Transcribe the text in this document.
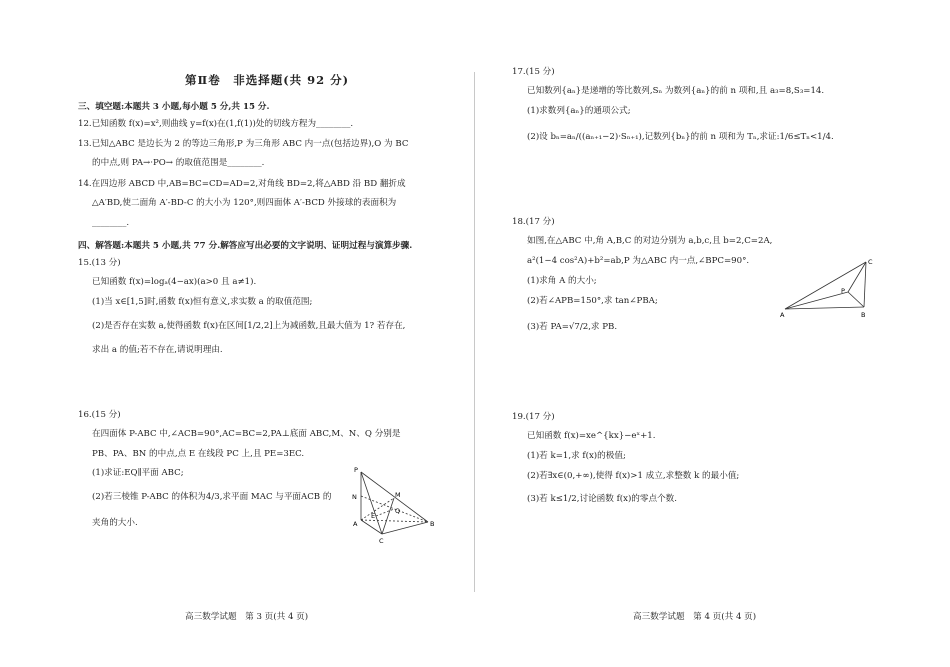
第Ⅱ卷　非选择题(共 92 分)
三、填空题:本题共 3 小题,每小题 5 分,共 15 分.
12.已知函数 f(x)=x²,则曲线 y=f(x)在(1,f(1))处的切线方程为________.
13.已知△ABC 是边长为 2 的等边三角形,P 为三角形 ABC 内一点(包括边界),O 为 BC
的中点,则 PA→·PO→ 的取值范围是________.
14.在四边形 ABCD 中,AB=BC=CD=AD=2,对角线 BD=2,将△ABD 沿 BD 翻折成
△A′BD,使二面角 A′-BD-C 的大小为 120°,则四面体 A′-BCD 外接球的表面积为
________.
四、解答题:本题共 5 小题,共 77 分.解答应写出必要的文字说明、证明过程与演算步骤.
15.(13 分)
已知函数 f(x)=logₐ(4−ax)(a>0 且 a≠1).
(1)当 x∈[1,5]时,函数 f(x)恒有意义,求实数 a 的取值范围;
(2)是否存在实数 a,使得函数 f(x)在区间[1/2,2]上为减函数,且最大值为 1? 若存在,
求出 a 的值;若不存在,请说明理由.
16.(15 分)
在四面体 P-ABC 中,∠ACB=90°,AC=BC=2,PA⊥底面 ABC,M、N、Q 分别是
PB、PA、BN 的中点,点 E 在线段 PC 上,且 PE=3EC.
(1)求证:EQ∥平面 ABC;
(2)若三棱锥 P-ABC 的体积为4/3,求平面 MAC 与平面ACB 的
夹角的大小.
P
M
N
Q
E
A	B
C
高三数学试题　第 3 页(共 4 页)
17.(15 分)
已知数列{aₙ}是递增的等比数列,Sₙ 为数列{aₙ}的前 n 项和,且 a₃=8,S₃=14.
(1)求数列{aₙ}的通项公式;
(2)设 bₙ=aₙ/((aₙ₊₁−2)·Sₙ₊₁),记数列{bₙ}的前 n 项和为 Tₙ,求证:1/6≤Tₙ<1/4.
18.(17 分)
如图,在△ABC 中,角 A,B,C 的对边分别为 a,b,c,且 b=2,C=2A,
a²(1−4 cos²A)+b²=ab,P 为△ABC 内一点,∠BPC=90°.
(1)求角 A 的大小;
(2)若∠APB=150°,求 tan∠PBA;
(3)若 PA=√7/2,求 PB.
C
P
A	B
19.(17 分)
已知函数 f(x)=xe^{kx}−eˣ+1.
(1)若 k=1,求 f(x)的极值;
(2)若∃x∈(0,+∞),使得 f(x)>1 成立,求整数 k 的最小值;
(3)若 k≤1/2,讨论函数 f(x)的零点个数.
高三数学试题　第 4 页(共 4 页)
